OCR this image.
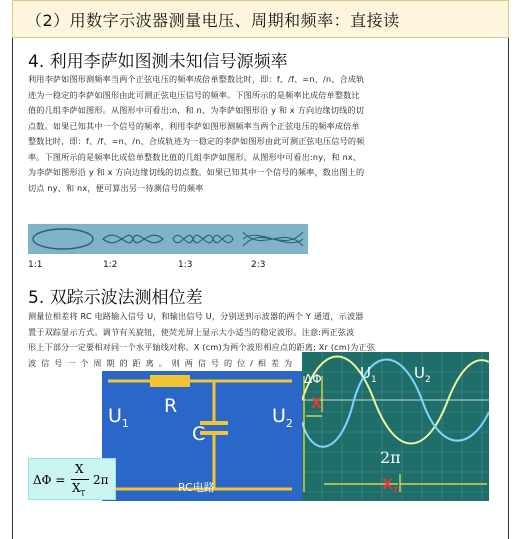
（2）用数字示波器测量电压、周期和频率：直接读
4. 利用李萨如图测未知信号源频率
利用李萨如图形测频率当两个正弦电压的频率成倍单整数比时，即：f、/f、=n、/n、合成轨
迹为一稳定的李萨如图形由此可测正弦电压信号的频率。下图所示的是频率比成倍单整数比
值的几组李萨如图形。从图形中可看出:n，和 n、为李萨如图形沿 y 和 x 方向边缘切线的切
点数。如果已知其中一个信号的频率，利用李萨如图形测频率当两个正弦电压的频率成倍单
整数比时，即：f、/f、=n、/n、合成轨迹为一稳定的李萨如图形由此可测正弦电压信号的频
率。下图所示的是频率比成倍单整数比值的几组李萨如图形。从图形中可看出:ny，和 nx、
为李萨如图形沿 y 和 x 方向边缘切线的切点数。如果已知其中一个信号的频率，数出图上的
切点 ny、和 nx，便可算出另一待测信号的频率
1:1	1:2	1:3	2:3
5. 双踪示波法测相位差
测量位相差将 RC 电路输入信号 U，和输出信号 U，分别送到示波器的两个 Y 通道，示波器
置于双踪显示方式。调节有关旋钮，使荧光屏上显示大小适当的稳定波形。注意:两正弦波
形上下部分一定要相对同一个水平轴线对称。X (cm)为两个波形相应点的距离; Xr (cm)为正弦
波 信 号 一 个 周 期 的 距 离 。 则 两 信 号 的 位 / 相 差 为
$U_1$
R
C
$U_2$
RC电路
ΔΦ	$U_1$ $U_2$
2π
X
$X_T$
ΔΦ =
X
$X_T$
2π
